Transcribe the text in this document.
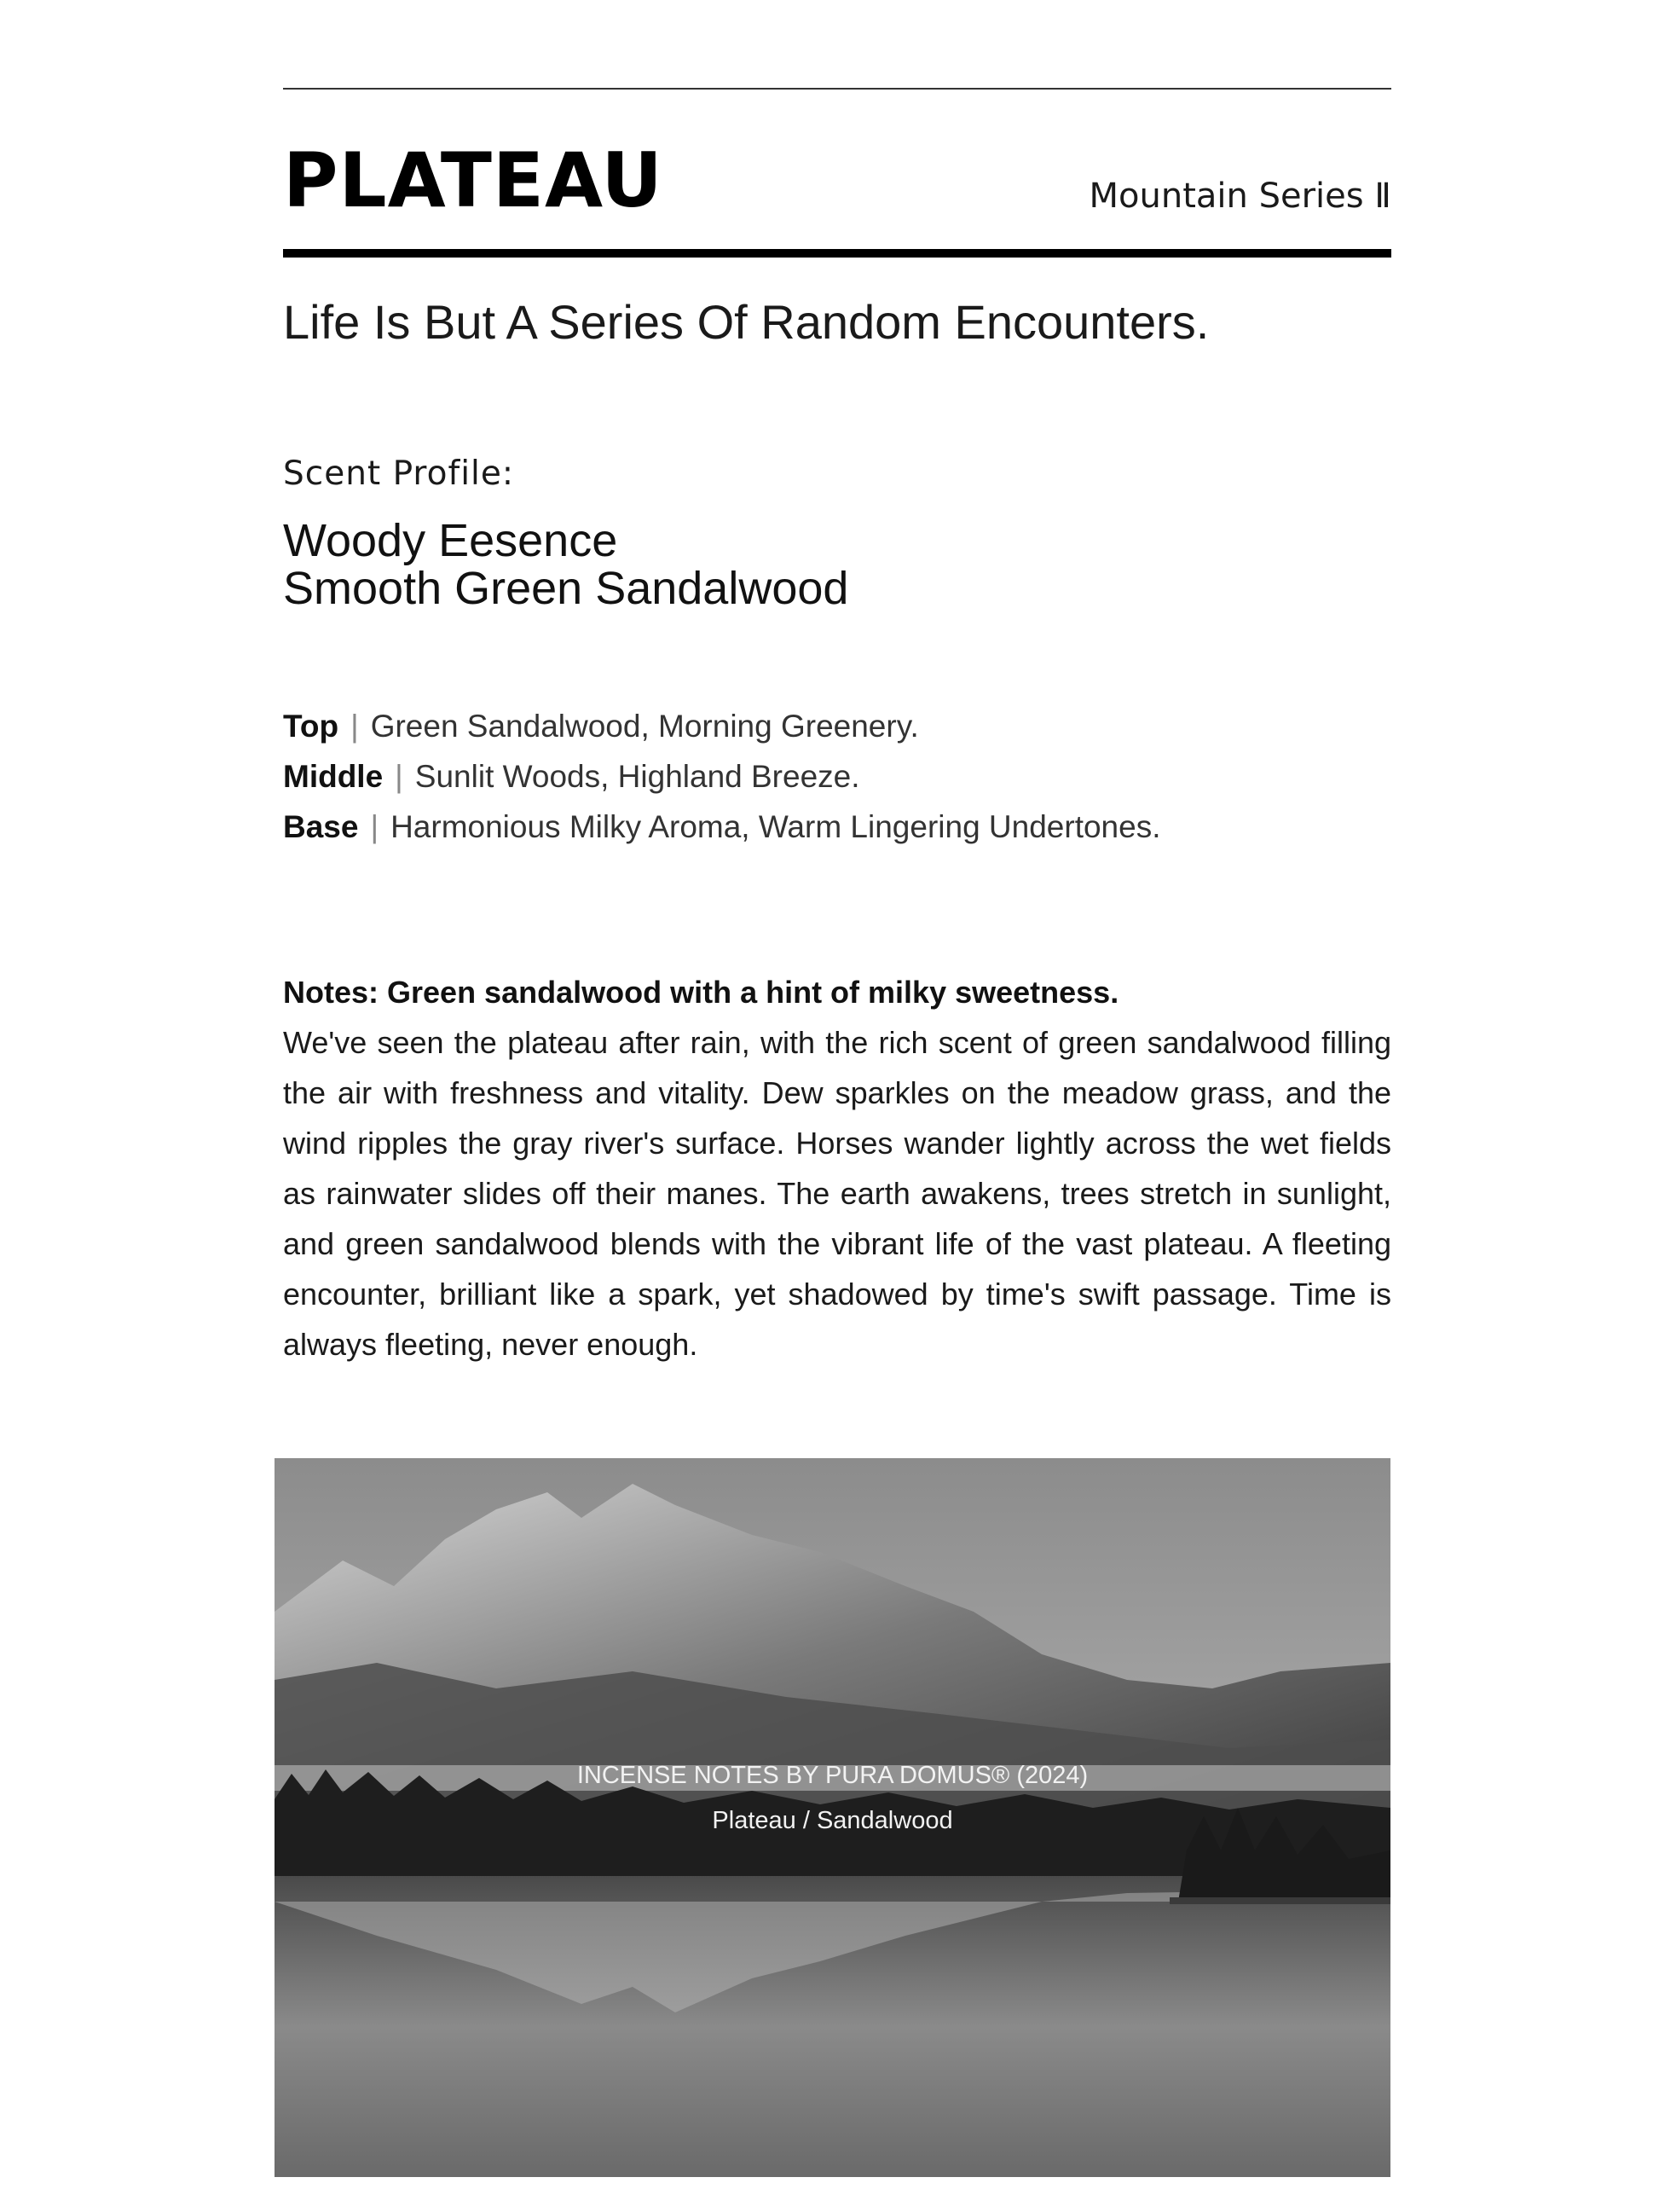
PLATEAU	Mountain Series Ⅱ
Life Is But A Series Of Random Encounters.
Scent Profile:
Woody Eesence
Smooth Green Sandalwood
Top | Green Sandalwood, Morning Greenery.
Middle | Sunlit Woods, Highland Breeze.
Base | Harmonious Milky Aroma, Warm Lingering Undertones.
Notes: Green sandalwood with a hint of milky sweetness.
We've seen the plateau after rain, with the rich scent of green sandalwood filling the air with freshness and vitality. Dew sparkles on the meadow grass, and the wind ripples the gray river's surface. Horses wander lightly across the wet fields as rainwater slides off their manes. The earth awakens, trees stretch in sunlight, and green sandalwood blends with the vibrant life of the vast plateau. A fleeting encounter, brilliant like a spark, yet shadowed by time's swift passage. Time is always fleeting, never enough.
INCENSE NOTES BY PURA DOMUS® (2024)
Plateau / Sandalwood
